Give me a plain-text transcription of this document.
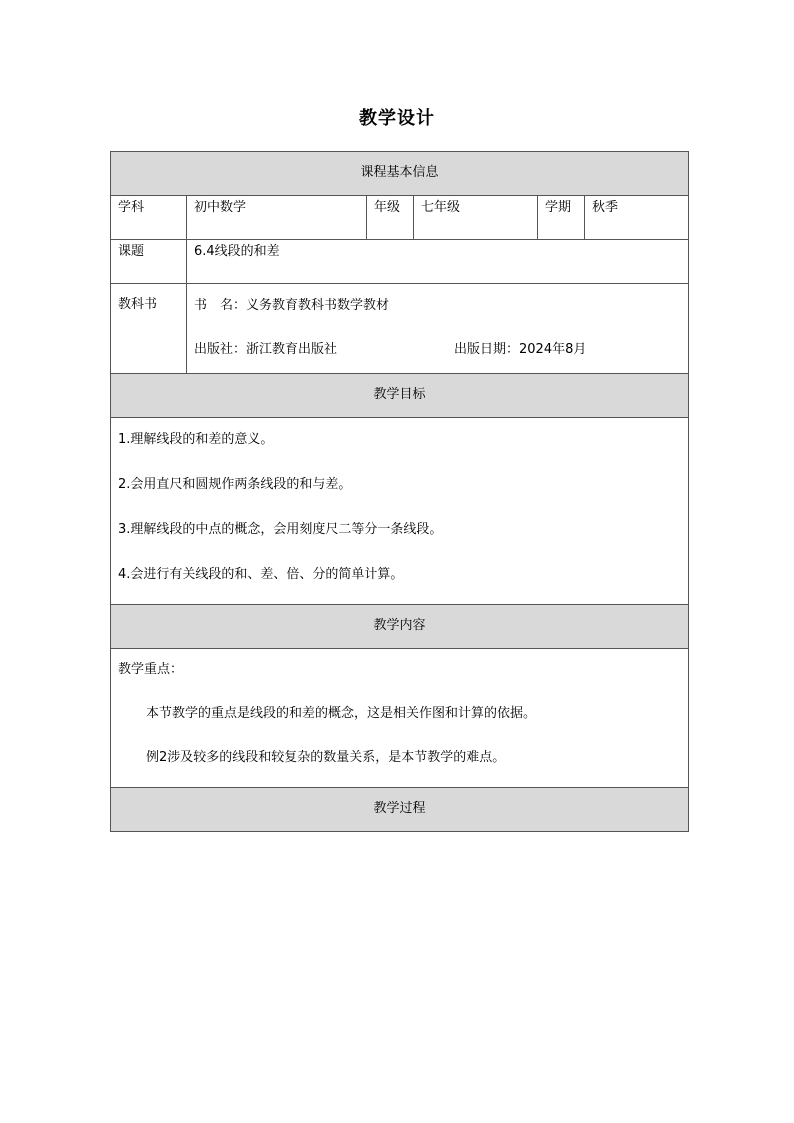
教学设计
课程基本信息					
学科	初中数学	年级	七年级	学期	秋季
课题	6.4线段的和差				
教科书	书　名：义务教育教科书数学教材
出版社：浙江教育出版社 出版日期：2024年8月				

教学目标					

1.理解线段的和差的意义。
2.会用直尺和圆规作两条线段的和与差。
3.理解线段的中点的概念，会用刻度尺二等分一条线段。
4.会进行有关线段的和、差、倍、分的简单计算。					

教学内容					

教学重点：
本节教学的重点是线段的和差的概念，这是相关作图和计算的依据。
例2涉及较多的线段和较复杂的数量关系，是本节教学的难点。					

教学过程					
